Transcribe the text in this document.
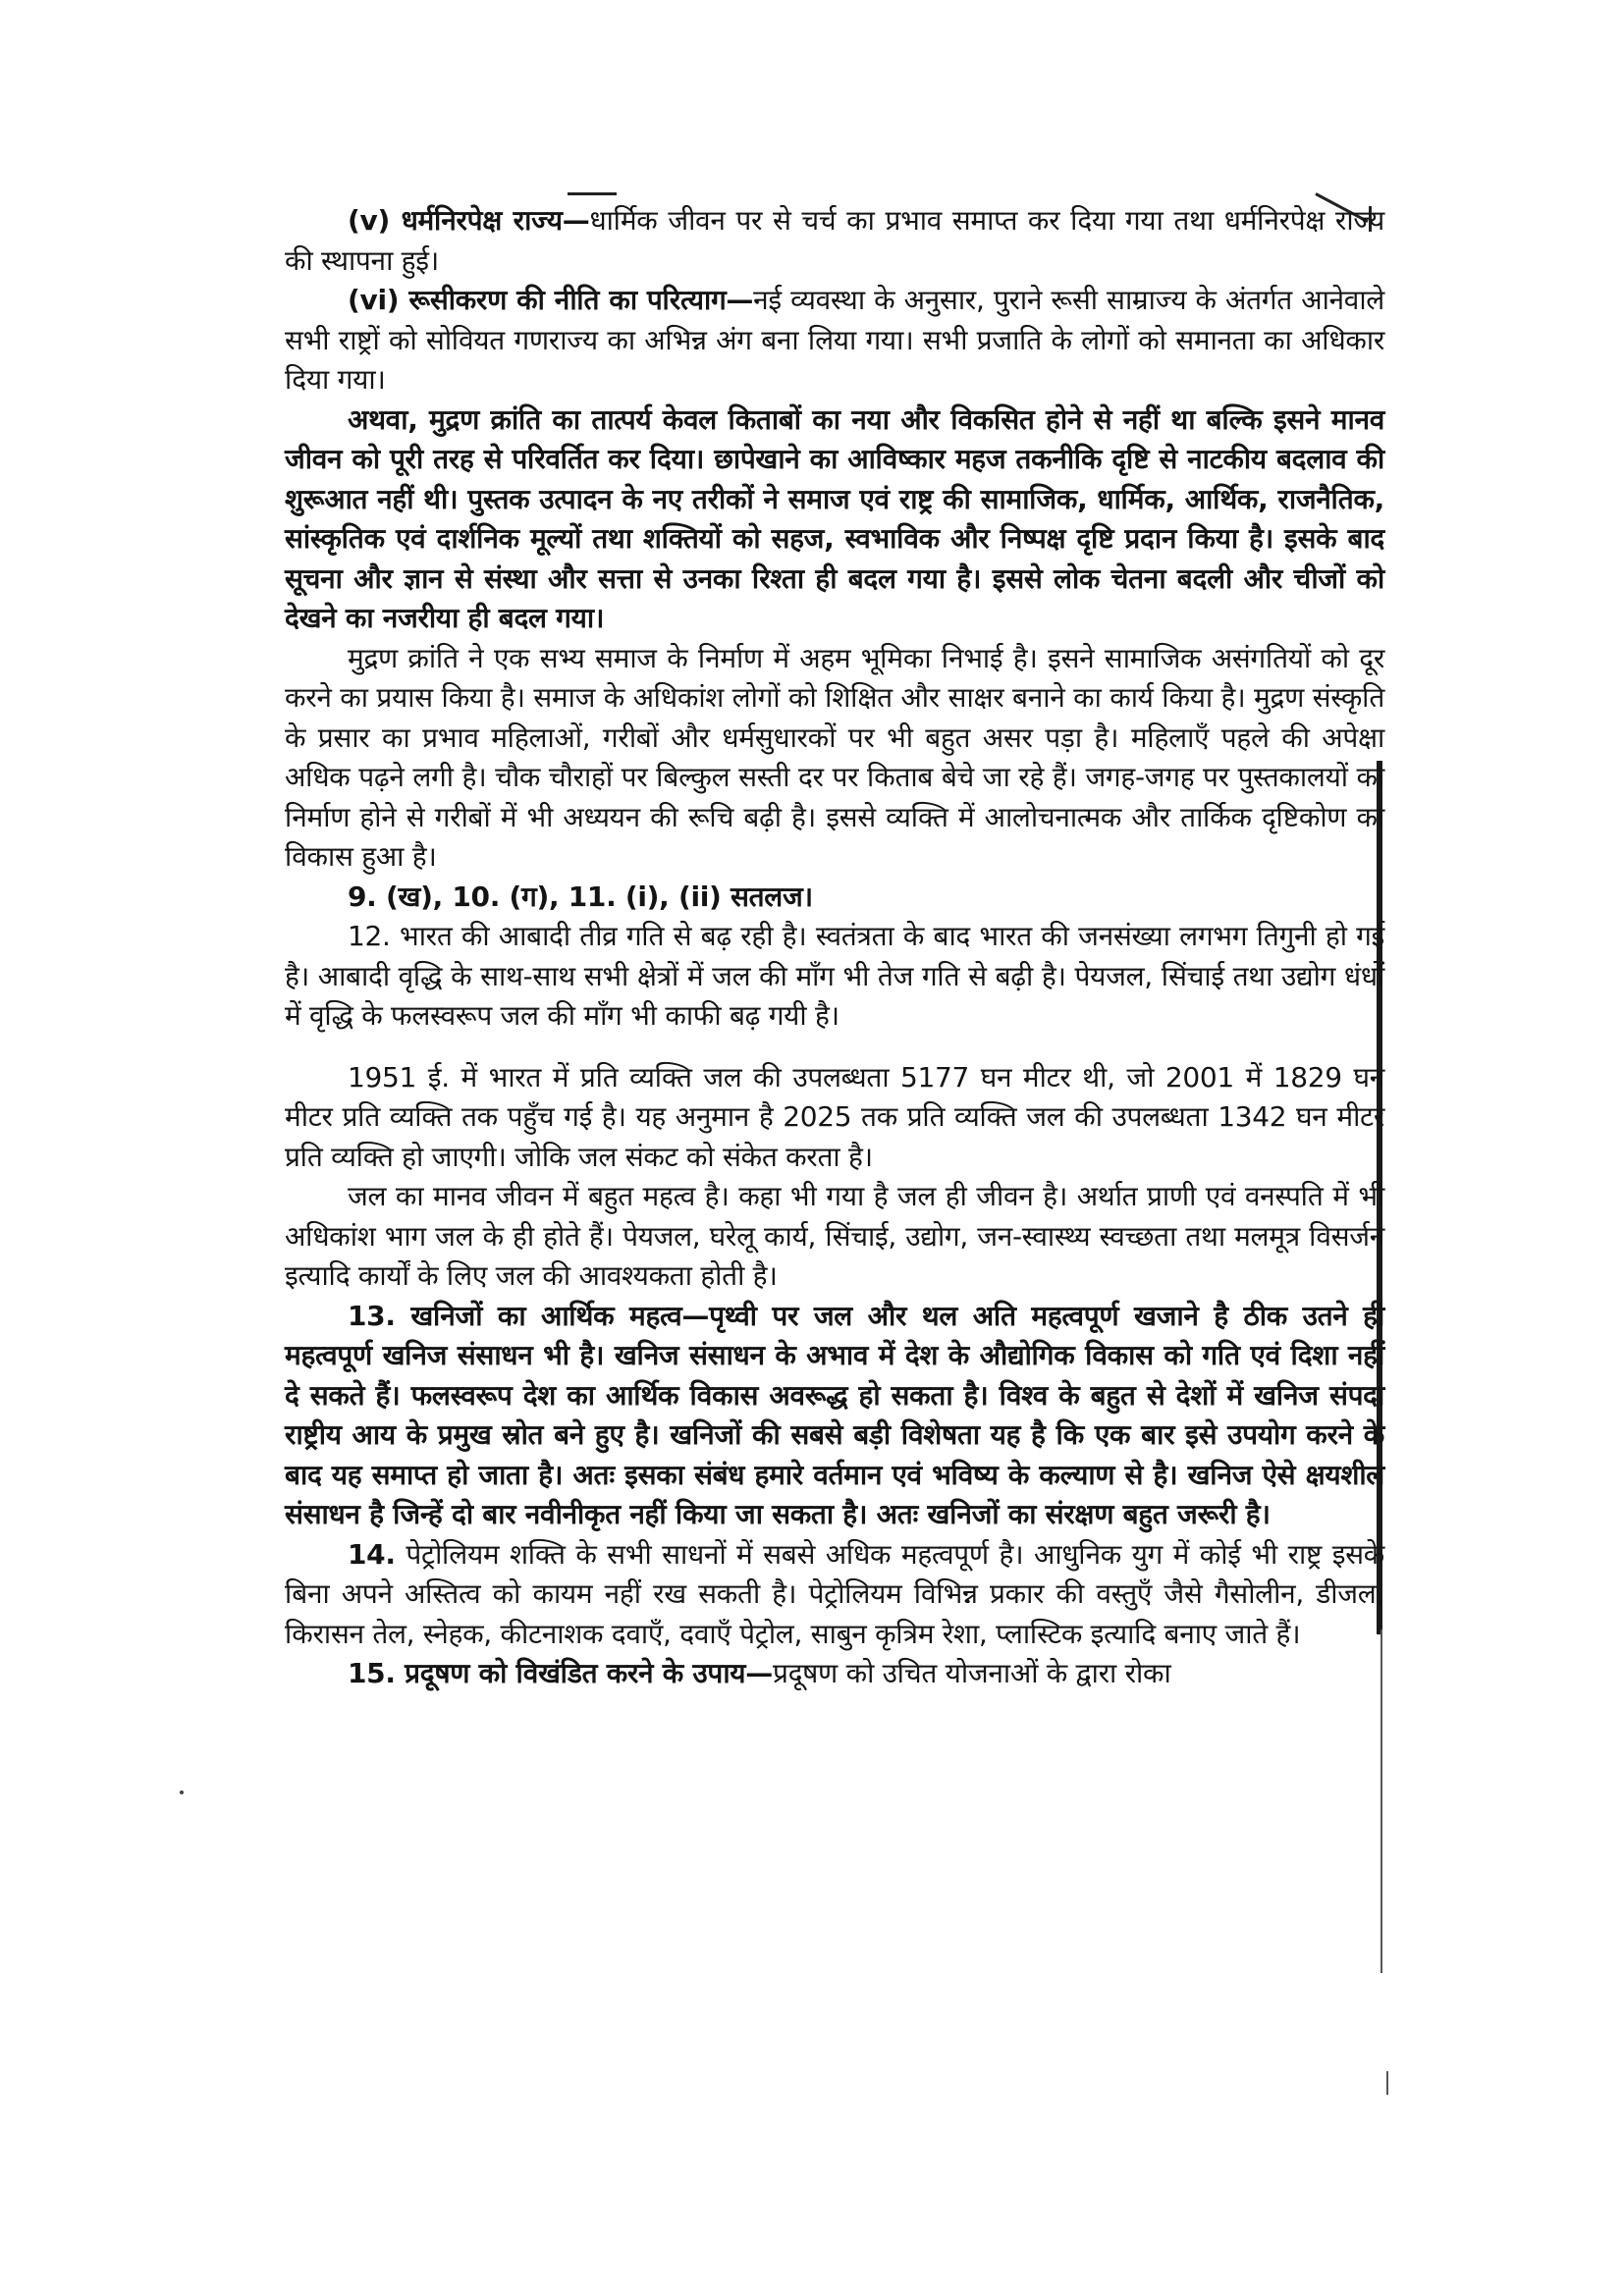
(v) धर्मनिरपेक्ष राज्य—धार्मिक जीवन पर से चर्च का प्रभाव समाप्त कर दिया गया तथा धर्मनिरपेक्ष राज्य की स्थापना हुई।

(vi) रूसीकरण की नीति का परित्याग—नई व्यवस्था के अनुसार, पुराने रूसी साम्राज्य के अंतर्गत आनेवाले सभी राष्ट्रों को सोवियत गणराज्य का अभिन्न अंग बना लिया गया। सभी प्रजाति के लोगों को समानता का अधिकार दिया गया।

अथवा, मुद्रण क्रांति का तात्पर्य केवल किताबों का नया और विकसित होने से नहीं था बल्कि इसने मानव जीवन को पूरी तरह से परिवर्तित कर दिया। छापेखाने का आविष्कार महज तकनीकि दृष्टि से नाटकीय बदलाव की शुरूआत नहीं थी। पुस्तक उत्पादन के नए तरीकों ने समाज एवं राष्ट्र की सामाजिक, धार्मिक, आर्थिक, राजनैतिक, सांस्कृतिक एवं दार्शनिक मूल्यों तथा शक्तियों को सहज, स्वभाविक और निष्पक्ष दृष्टि प्रदान किया है। इसके बाद सूचना और ज्ञान से संस्था और सत्ता से उनका रिश्ता ही बदल गया है। इससे लोक चेतना बदली और चीजों को देखने का नजरीया ही बदल गया।

मुद्रण क्रांति ने एक सभ्य समाज के निर्माण में अहम भूमिका निभाई है। इसने सामाजिक असंगतियों को दूर करने का प्रयास किया है। समाज के अधिकांश लोगों को शिक्षित और साक्षर बनाने का कार्य किया है। मुद्रण संस्कृति के प्रसार का प्रभाव महिलाओं, गरीबों और धर्मसुधारकों पर भी बहुत असर पड़ा है। महिलाएँ पहले की अपेक्षा अधिक पढ़ने लगी है। चौक चौराहों पर बिल्कुल सस्ती दर पर किताब बेचे जा रहे हैं। जगह-जगह पर पुस्तकालयों का निर्माण होने से गरीबों में भी अध्ययन की रूचि बढ़ी है। इससे व्यक्ति में आलोचनात्मक और तार्किक दृष्टिकोण का विकास हुआ है।

9. (ख), 10. (ग), 11. (i), (ii) सतलज।

12. भारत की आबादी तीव्र गति से बढ़ रही है। स्वतंत्रता के बाद भारत की जनसंख्या लगभग तिगुनी हो गई है। आबादी वृद्धि के साथ-साथ सभी क्षेत्रों में जल की माँग भी तेज गति से बढ़ी है। पेयजल, सिंचाई तथा उद्योग धंधों में वृद्धि के फलस्वरूप जल की माँग भी काफी बढ़ गयी है।

1951 ई. में भारत में प्रति व्यक्ति जल की उपलब्धता 5177 घन मीटर थी, जो 2001 में 1829 घन मीटर प्रति व्यक्ति तक पहुँच गई है। यह अनुमान है 2025 तक प्रति व्यक्ति जल की उपलब्धता 1342 घन मीटर प्रति व्यक्ति हो जाएगी। जोकि जल संकट को संकेत करता है।

जल का मानव जीवन में बहुत महत्व है। कहा भी गया है जल ही जीवन है। अर्थात प्राणी एवं वनस्पति में भी अधिकांश भाग जल के ही होते हैं। पेयजल, घरेलू कार्य, सिंचाई, उद्योग, जन-स्वास्थ्य स्वच्छता तथा मलमूत्र विसर्जन इत्यादि कार्यों के लिए जल की आवश्यकता होती है।

13. खनिजों का आर्थिक महत्व—पृथ्वी पर जल और थल अति महत्वपूर्ण खजाने है ठीक उतने ही महत्वपूर्ण खनिज संसाधन भी है। खनिज संसाधन के अभाव में देश के औद्योगिक विकास को गति एवं दिशा नहीं दे सकते हैं। फलस्वरूप देश का आर्थिक विकास अवरूद्ध हो सकता है। विश्व के बहुत से देशों में खनिज संपदा राष्ट्रीय आय के प्रमुख स्रोत बने हुए है। खनिजों की सबसे बड़ी विशेषता यह है कि एक बार इसे उपयोग करने के बाद यह समाप्त हो जाता है। अतः इसका संबंध हमारे वर्तमान एवं भविष्य के कल्याण से है। खनिज ऐसे क्षयशील संसाधन है जिन्हें दो बार नवीनीकृत नहीं किया जा सकता है। अतः खनिजों का संरक्षण बहुत जरूरी है।

14. पेट्रोलियम शक्ति के सभी साधनों में सबसे अधिक महत्वपूर्ण है। आधुनिक युग में कोई भी राष्ट्र इसके बिना अपने अस्तित्व को कायम नहीं रख सकती है। पेट्रोलियम विभिन्न प्रकार की वस्तुएँ जैसे गैसोलीन, डीजल, किरासन तेल, स्नेहक, कीटनाशक दवाएँ, दवाएँ पेट्रोल, साबुन कृत्रिम रेशा, प्लास्टिक इत्यादि बनाए जाते हैं।

15. प्रदूषण को विखंडित करने के उपाय—प्रदूषण को उचित योजनाओं के द्वारा रोका
